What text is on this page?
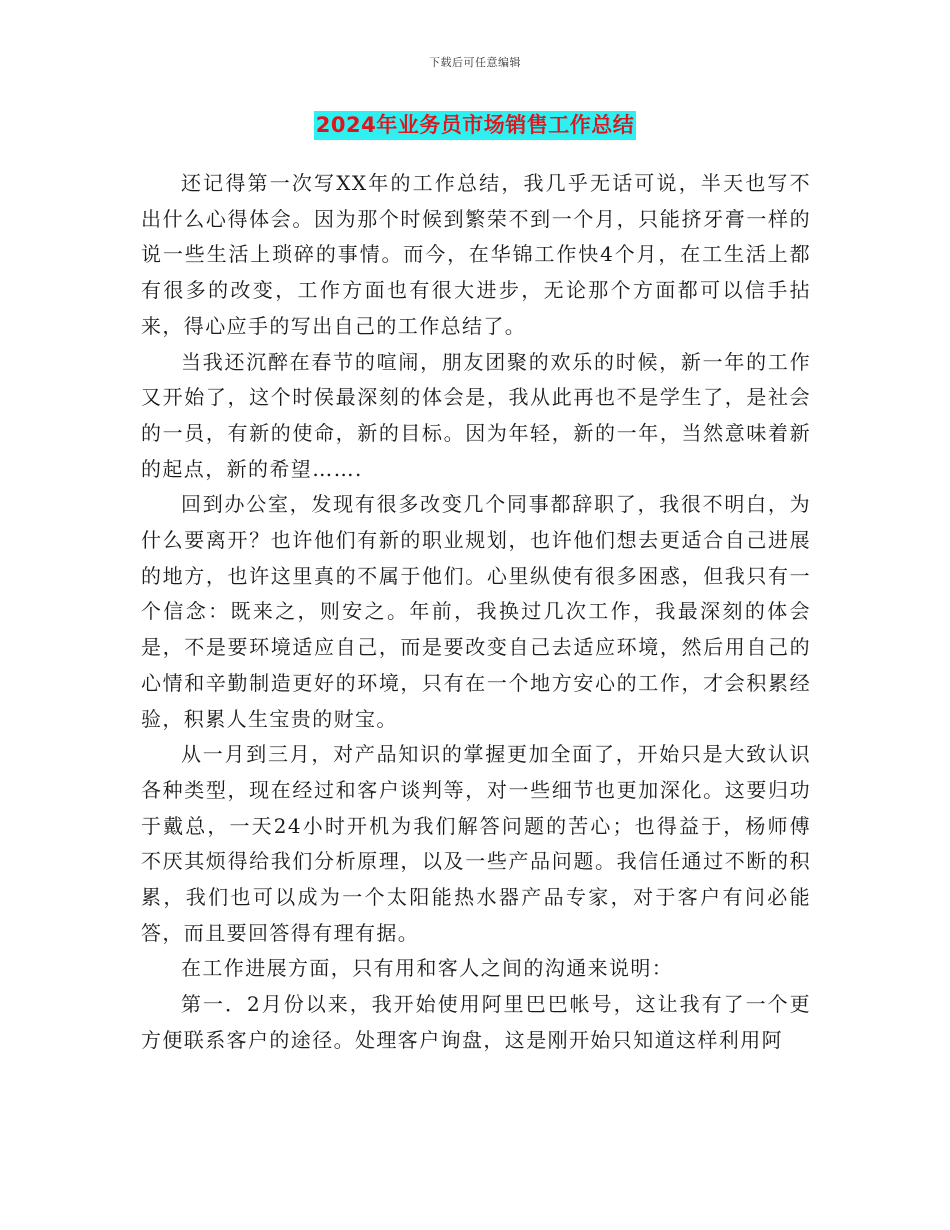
下载后可任意编辑
2024年业务员市场销售工作总结

还记得第一次写XX年的工作总结，我几乎无话可说，半天也写不出什么心得体会。因为那个时候到繁荣不到一个月，只能挤牙膏一样的说一些生活上琐碎的事情。而今，在华锦工作快4个月，在工生活上都有很多的改变，工作方面也有很大进步，无论那个方面都可以信手拈来，得心应手的写出自己的工作总结了。

当我还沉醉在春节的喧闹，朋友团聚的欢乐的时候，新一年的工作又开始了，这个时侯最深刻的体会是，我从此再也不是学生了，是社会的一员，有新的使命，新的目标。因为年轻，新的一年，当然意味着新的起点，新的希望…….

回到办公室，发现有很多改变几个同事都辞职了，我很不明白，为什么要离开？也许他们有新的职业规划，也许他们想去更适合自己进展的地方，也许这里真的不属于他们。心里纵使有很多困惑，但我只有一个信念：既来之，则安之。年前，我换过几次工作，我最深刻的体会是，不是要环境适应自己，而是要改变自己去适应环境，然后用自己的心情和辛勤制造更好的环境，只有在一个地方安心的工作，才会积累经验，积累人生宝贵的财宝。

从一月到三月，对产品知识的掌握更加全面了，开始只是大致认识各种类型，现在经过和客户谈判等，对一些细节也更加深化。这要归功于戴总，一天24小时开机为我们解答问题的苦心；也得益于，杨师傅不厌其烦得给我们分析原理，以及一些产品问题。我信任通过不断的积累，我们也可以成为一个太阳能热水器产品专家，对于客户有问必能答，而且要回答得有理有据。

在工作进展方面，只有用和客人之间的沟通来说明：

第一．2月份以来，我开始使用阿里巴巴帐号，这让我有了一个更方便联系客户的途径。处理客户询盘，这是刚开始只知道这样利用阿
